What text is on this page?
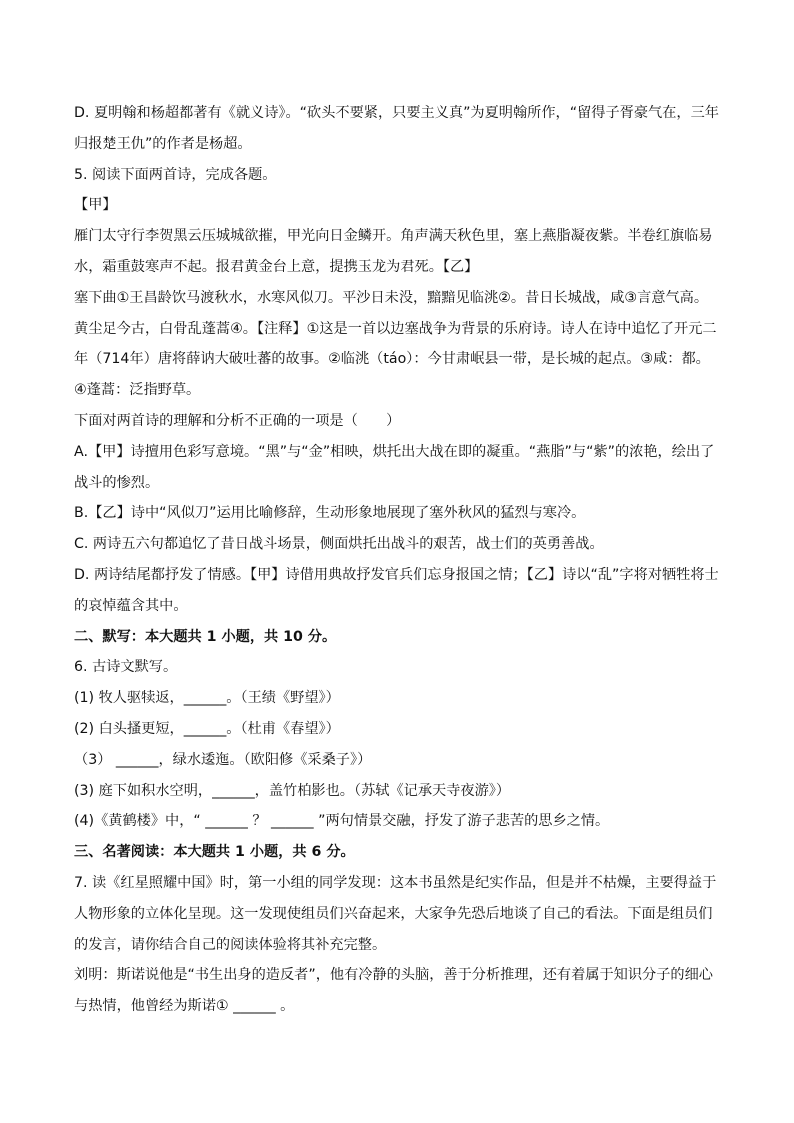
D. 夏明翰和杨超都著有《就义诗》。“砍头不要紧，只要主义真”为夏明翰所作，“留得子胥豪气在，三年归报楚王仇”的作者是杨超。

5. 阅读下面两首诗，完成各题。

【甲】

雁门太守行李贺黑云压城城欲摧，甲光向日金鳞开。角声满天秋色里，塞上燕脂凝夜紫。半卷红旗临易水，霜重鼓寒声不起。报君黄金台上意，提携玉龙为君死。【乙】

塞下曲①王昌龄饮马渡秋水，水寒风似刀。平沙日未没，黯黯见临洮②。昔日长城战，咸③言意气高。黄尘足今古，白骨乱蓬蒿④。【注释】①这是一首以边塞战争为背景的乐府诗。诗人在诗中追忆了开元二年（714年）唐将薛讷大破吐蕃的故事。②临洮（táo）：今甘肃岷县一带，是长城的起点。③咸：都。④蓬蒿：泛指野草。

下面对两首诗的理解和分析不正确的一项是（　　）

A.【甲】诗擅用色彩写意境。“黑”与“金”相映，烘托出大战在即的凝重。“燕脂”与“紫”的浓艳，绘出了战斗的惨烈。

B.【乙】诗中“风似刀”运用比喻修辞，生动形象地展现了塞外秋风的猛烈与寒冷。

C. 两诗五六句都追忆了昔日战斗场景，侧面烘托出战斗的艰苦，战士们的英勇善战。

D. 两诗结尾都抒发了情感。【甲】诗借用典故抒发官兵们忘身报国之情；【乙】诗以“乱”字将对牺牲将士的哀悼蕴含其中。

二、默写：本大题共 1 小题，共 10 分。

6. 古诗文默写。

(1) 牧人驱犊返，______。（王绩《野望》）

(2) 白头搔更短，______。（杜甫《春望》）

（3） ______，绿水逶迤。（欧阳修《采桑子》）

(3) 庭下如积水空明，______，盖竹柏影也。（苏轼《记承天寺夜游》）

(4)《黄鹤楼》中，“ ______ ？ ______ ”两句情景交融，抒发了游子悲苦的思乡之情。

三、名著阅读：本大题共 1 小题，共 6 分。

7. 读《红星照耀中国》时，第一小组的同学发现：这本书虽然是纪实作品，但是并不枯燥，主要得益于人物形象的立体化呈现。这一发现使组员们兴奋起来，大家争先恐后地谈了自己的看法。下面是组员们的发言，请你结合自己的阅读体验将其补充完整。

刘明：斯诺说他是“书生出身的造反者”，他有冷静的头脑，善于分析推理，还有着属于知识分子的细心与热情，他曾经为斯诺① ______ 。
